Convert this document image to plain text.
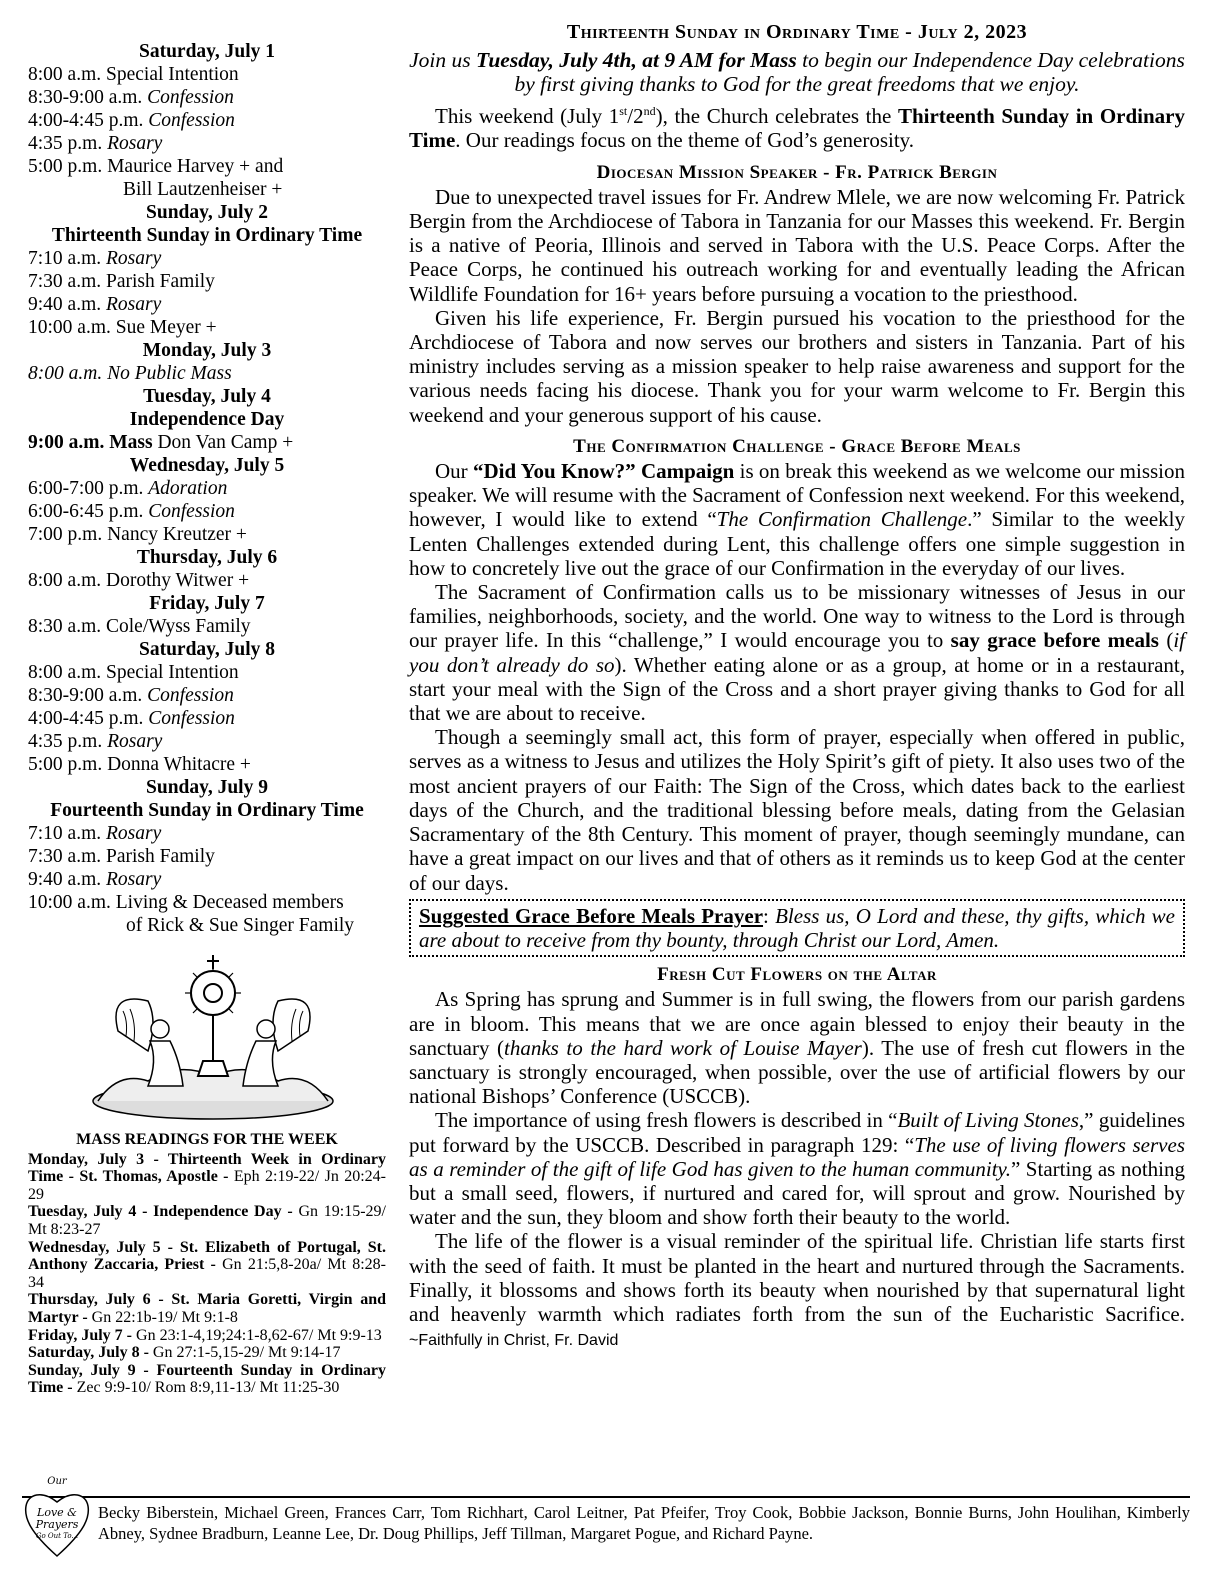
Saturday, July 1
8:00 a.m. Special Intention
8:30-9:00 a.m. Confession
4:00-4:45 p.m. Confession
4:35 p.m. Rosary
5:00 p.m. Maurice Harvey + and
Bill Lautzenheiser +
Sunday, July 2
Thirteenth Sunday in Ordinary Time
7:10 a.m. Rosary
7:30 a.m. Parish Family
9:40 a.m. Rosary
10:00 a.m. Sue Meyer +
Monday, July 3
8:00 a.m. No Public Mass
Tuesday, July 4
Independence Day
9:00 a.m. Mass Don Van Camp +
Wednesday, July 5
6:00-7:00 p.m. Adoration
6:00-6:45 p.m. Confession
7:00 p.m. Nancy Kreutzer +
Thursday, July 6
8:00 a.m. Dorothy Witwer +
Friday, July 7
8:30 a.m. Cole/Wyss Family
Saturday, July 8
8:00 a.m. Special Intention
8:30-9:00 a.m. Confession
4:00-4:45 p.m. Confession
4:35 p.m. Rosary
5:00 p.m. Donna Whitacre +
Sunday, July 9
Fourteenth Sunday in Ordinary Time
7:10 a.m. Rosary
7:30 a.m. Parish Family
9:40 a.m. Rosary
10:00 a.m. Living & Deceased members
of Rick & Sue Singer Family
MASS READINGS FOR THE WEEK
Monday, July 3 - Thirteenth Week in Ordinary Time - St. Thomas, Apostle - Eph 2:19-22/ Jn 20:24-29
Tuesday, July 4 - Independence Day - Gn 19:15-29/ Mt 8:23-27
Wednesday, July 5 - St. Elizabeth of Portugal, St. Anthony Zaccaria, Priest - Gn 21:5,8-20a/ Mt 8:28-34
Thursday, July 6 - St. Maria Goretti, Virgin and Martyr - Gn 22:1b-19/ Mt 9:1-8
Friday, July 7 - Gn 23:1-4,19;24:1-8,62-67/ Mt 9:9-13
Saturday, July 8 - Gn 27:1-5,15-29/ Mt 9:14-17
Sunday, July 9 - Fourteenth Sunday in Ordinary Time - Zec 9:9-10/ Rom 8:9,11-13/ Mt 11:25-30
Thirteenth Sunday in Ordinary Time - July 2, 2023
Join us Tuesday, July 4th, at 9 AM for Mass to begin our Independence Day celebrations by first giving thanks to God for the great freedoms that we enjoy.

This weekend (July 1st/2nd), the Church celebrates the Thirteenth Sunday in Ordinary Time. Our readings focus on the theme of God’s generosity.

Diocesan Mission Speaker - Fr. Patrick Bergin

Due to unexpected travel issues for Fr. Andrew Mlele, we are now welcoming Fr. Patrick Bergin from the Archdiocese of Tabora in Tanzania for our Masses this weekend. Fr. Bergin is a native of Peoria, Illinois and served in Tabora with the U.S. Peace Corps. After the Peace Corps, he continued his outreach working for and eventually leading the African Wildlife Foundation for 16+ years before pursuing a vocation to the priesthood.

Given his life experience, Fr. Bergin pursued his vocation to the priesthood for the Archdiocese of Tabora and now serves our brothers and sisters in Tanzania. Part of his ministry includes serving as a mission speaker to help raise awareness and support for the various needs facing his diocese. Thank you for your warm welcome to Fr. Bergin this weekend and your generous support of his cause.

The Confirmation Challenge - Grace Before Meals

Our “Did You Know?” Campaign is on break this weekend as we welcome our mission speaker. We will resume with the Sacrament of Confession next weekend. For this weekend, however, I would like to extend “The Confirmation Challenge.” Similar to the weekly Lenten Challenges extended during Lent, this challenge offers one simple suggestion in how to concretely live out the grace of our Confirmation in the everyday of our lives.

The Sacrament of Confirmation calls us to be missionary witnesses of Jesus in our families, neighborhoods, society, and the world. One way to witness to the Lord is through our prayer life. In this “challenge,” I would encourage you to say grace before meals (if you don’t already do so). Whether eating alone or as a group, at home or in a restaurant, start your meal with the Sign of the Cross and a short prayer giving thanks to God for all that we are about to receive.

Though a seemingly small act, this form of prayer, especially when offered in public, serves as a witness to Jesus and utilizes the Holy Spirit’s gift of piety. It also uses two of the most ancient prayers of our Faith: The Sign of the Cross, which dates back to the earliest days of the Church, and the traditional blessing before meals, dating from the Gelasian Sacramentary of the 8th Century. This moment of prayer, though seemingly mundane, can have a great impact on our lives and that of others as it reminds us to keep God at the center of our days.

Suggested Grace Before Meals Prayer: Bless us, O Lord and these, thy gifts, which we are about to receive from thy bounty, through Christ our Lord, Amen.
Fresh Cut Flowers on the Altar

As Spring has sprung and Summer is in full swing, the flowers from our parish gardens are in bloom. This means that we are once again blessed to enjoy their beauty in the sanctuary (thanks to the hard work of Louise Mayer). The use of fresh cut flowers in the sanctuary is strongly encouraged, when possible, over the use of artificial flowers by our national Bishops’ Conference (USCCB).

The importance of using fresh flowers is described in “Built of Living Stones,” guidelines put forward by the USCCB. Described in paragraph 129: “The use of living flowers serves as a reminder of the gift of life God has given to the human community.” Starting as nothing but a small seed, flowers, if nurtured and cared for, will sprout and grow. Nourished by water and the sun, they bloom and show forth their beauty to the world.

The life of the flower is a visual reminder of the spiritual life. Christian life starts first with the seed of faith. It must be planted in the heart and nurtured through the Sacraments. Finally, it blossoms and shows forth its beauty when nourished by that supernatural light and heavenly warmth which radiates forth from the sun of the Eucharistic Sacrifice. ~Faithfully in Christ, Fr. David

Our
Love &
Prayers
Go Out To...
Becky Biberstein, Michael Green, Frances Carr, Tom Richhart, Carol Leitner, Pat Pfeifer, Troy Cook, Bobbie Jackson, Bonnie Burns, John Houlihan, Kimberly Abney, Sydnee Bradburn, Leanne Lee, Dr. Doug Phillips, Jeff Tillman, Margaret Pogue, and Richard Payne.
